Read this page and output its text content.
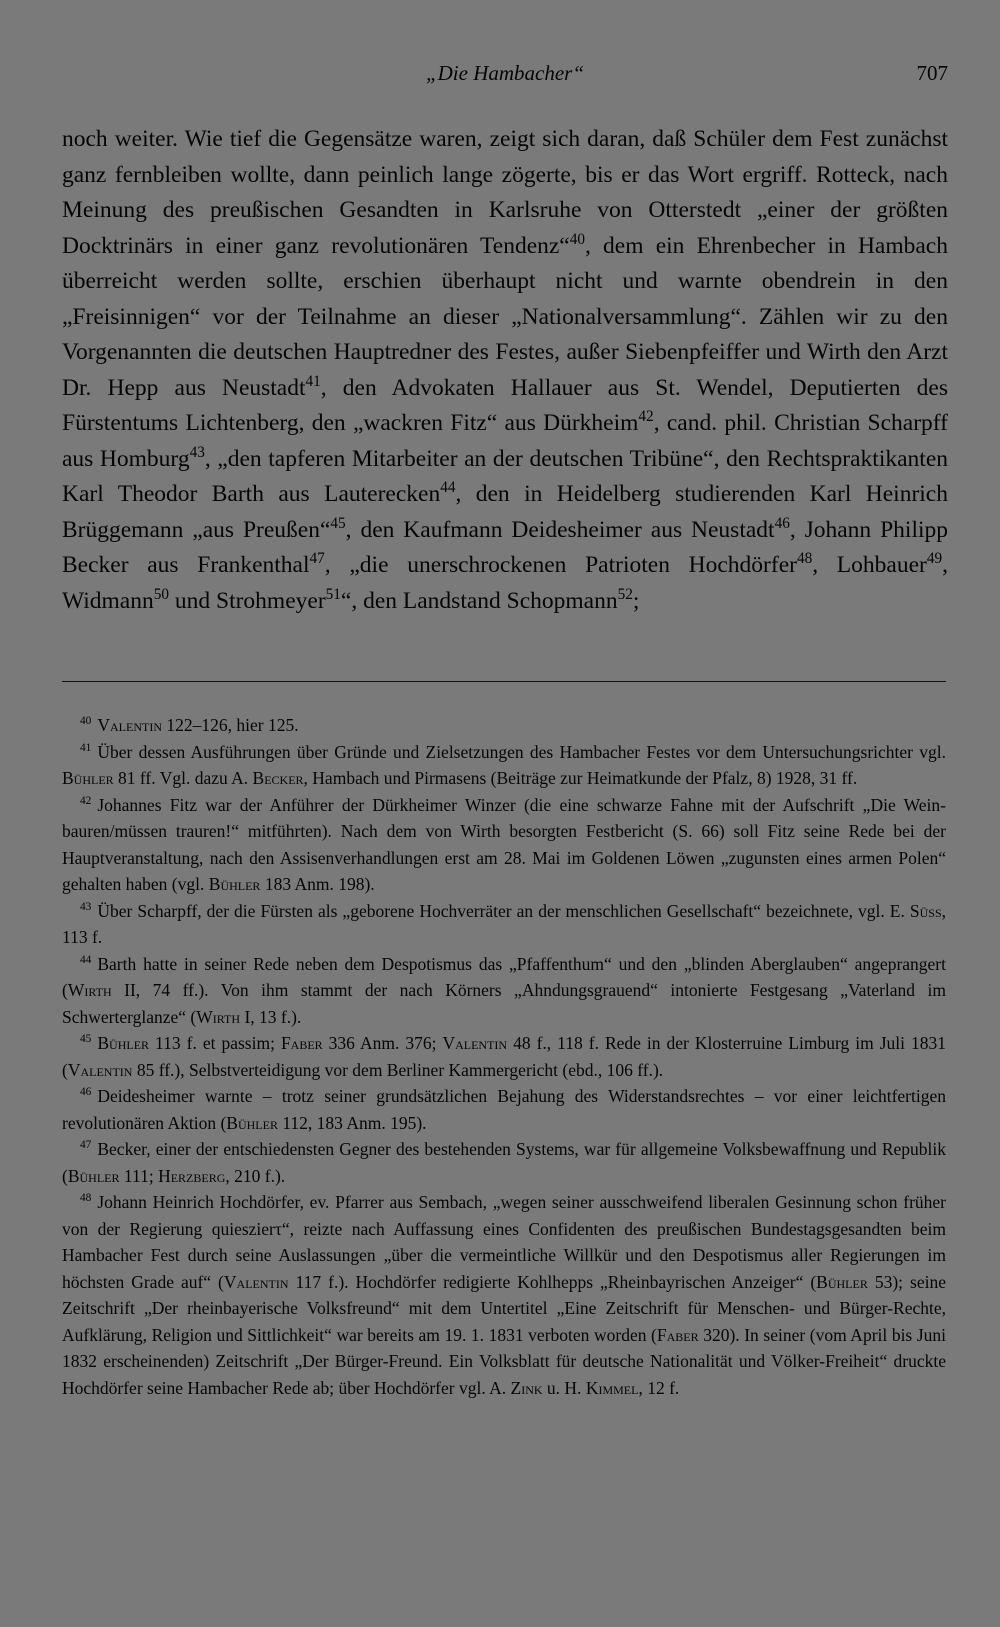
„Die Hambacher“	707

noch weiter. Wie tief die Gegensätze waren, zeigt sich daran, daß Schüler dem Fest zunächst ganz fernbleiben wollte, dann peinlich lange zögerte, bis er das Wort ergriff. Rotteck, nach Meinung des preußischen Gesandten in Karlsruhe von Otterstedt „einer der größten Docktrinärs in einer ganz revolutionären Tendenz“$^{40}$, dem ein Ehrenbecher in Hambach überreicht werden sollte, erschien überhaupt nicht und warnte obendrein in den „Freisinnigen“ vor der Teilnahme an dieser „Nationalversammlung“. Zählen wir zu den Vorgenannten die deutschen Hauptredner des Festes, außer Siebenpfeiffer und Wirth den Arzt Dr. Hepp aus Neustadt$^{41}$, den Advokaten Hallauer aus St. Wendel, Deputierten des Fürstentums Lichtenberg, den „wackren Fitz“ aus Dürkheim$^{42}$, cand. phil. Christian Scharpff aus Homburg$^{43}$, „den tapferen Mitarbeiter an der deutschen Tribüne“, den Rechtspraktikanten Karl Theodor Barth aus Lauterecken$^{44}$, den in Heidelberg studierenden Karl Heinrich Brüggemann „aus Preußen“$^{45}$, den Kaufmann Deidesheimer aus Neustadt$^{46}$, Johann Philipp Becker aus Frankenthal$^{47}$, „die unerschrockenen Patrioten Hochdörfer$^{48}$, Lohbauer$^{49}$, Widmann$^{50}$ und Strohmeyer$^{51}$“, den Landstand Schopmann$^{52}$;

$^{40}$ Valentin 122–126, hier 125.

$^{41}$ Über dessen Ausführungen über Gründe und Zielsetzungen des Hambacher Festes vor dem Untersuchungsrichter vgl. Bühler 81 ff. Vgl. dazu A. Becker, Hambach und Pirmasens (Beiträge zur Heimatkunde der Pfalz, 8) 1928, 31 ff.

$^{42}$ Johannes Fitz war der Anführer der Dürkheimer Winzer (die eine schwarze Fahne mit der Aufschrift „Die Wein-bauren/müssen trauren!“ mitführten). Nach dem von Wirth besorgten Festbericht (S. 66) soll Fitz seine Rede bei der Hauptveranstaltung, nach den Assisenverhandlungen erst am 28. Mai im Goldenen Löwen „zugunsten eines armen Polen“ gehalten haben (vgl. Bühler 183 Anm. 198).

$^{43}$ Über Scharpff, der die Fürsten als „geborene Hochverräter an der menschlichen Gesellschaft“ bezeichnete, vgl. E. Süss, 113 f.

$^{44}$ Barth hatte in seiner Rede neben dem Despotismus das „Pfaffenthum“ und den „blinden Aberglauben“ angeprangert (Wirth II, 74 ff.). Von ihm stammt der nach Körners „Ahndungsgrauend“ intonierte Festgesang „Vaterland im Schwerterglanze“ (Wirth I, 13 f.).

$^{45}$ Bühler 113 f. et passim; Faber 336 Anm. 376; Valentin 48 f., 118 f. Rede in der Klosterruine Limburg im Juli 1831 (Valentin 85 ff.), Selbstverteidigung vor dem Berliner Kammergericht (ebd., 106 ff.).

$^{46}$ Deidesheimer warnte – trotz seiner grundsätzlichen Bejahung des Widerstandsrechtes – vor einer leichtfertigen revolutionären Aktion (Bühler 112, 183 Anm. 195).

$^{47}$ Becker, einer der entschiedensten Gegner des bestehenden Systems, war für allgemeine Volksbewaffnung und Republik (Bühler 111; Herzberg, 210 f.).

$^{48}$ Johann Heinrich Hochdörfer, ev. Pfarrer aus Sembach, „wegen seiner ausschweifend liberalen Gesinnung schon früher von der Regierung quieszierτ“, reizte nach Auffassung eines Confidenten des preußischen Bundestagsgesandten beim Hambacher Fest durch seine Auslassungen „über die vermeintliche Willkür und den Despotismus aller Regierungen im höchsten Grade auf“ (Valentin 117 f.). Hochdörfer redigierte Kohlhepps „Rheinbayrischen Anzeiger“ (Bühler 53); seine Zeitschrift „Der rheinbayerische Volksfreund“ mit dem Untertitel „Eine Zeitschrift für Menschen- und Bürger-Rechte, Aufklärung, Religion und Sittlichkeit“ war bereits am 19. 1. 1831 verboten worden (Faber 320). In seiner (vom April bis Juni 1832 erscheinenden) Zeitschrift „Der Bürger-Freund. Ein Volksblatt für deutsche Nationalität und Völker-Freiheit“ druckte Hochdörfer seine Hambacher Rede ab; über Hochdörfer vgl. A. Zink u. H. Kimmel, 12 f.
